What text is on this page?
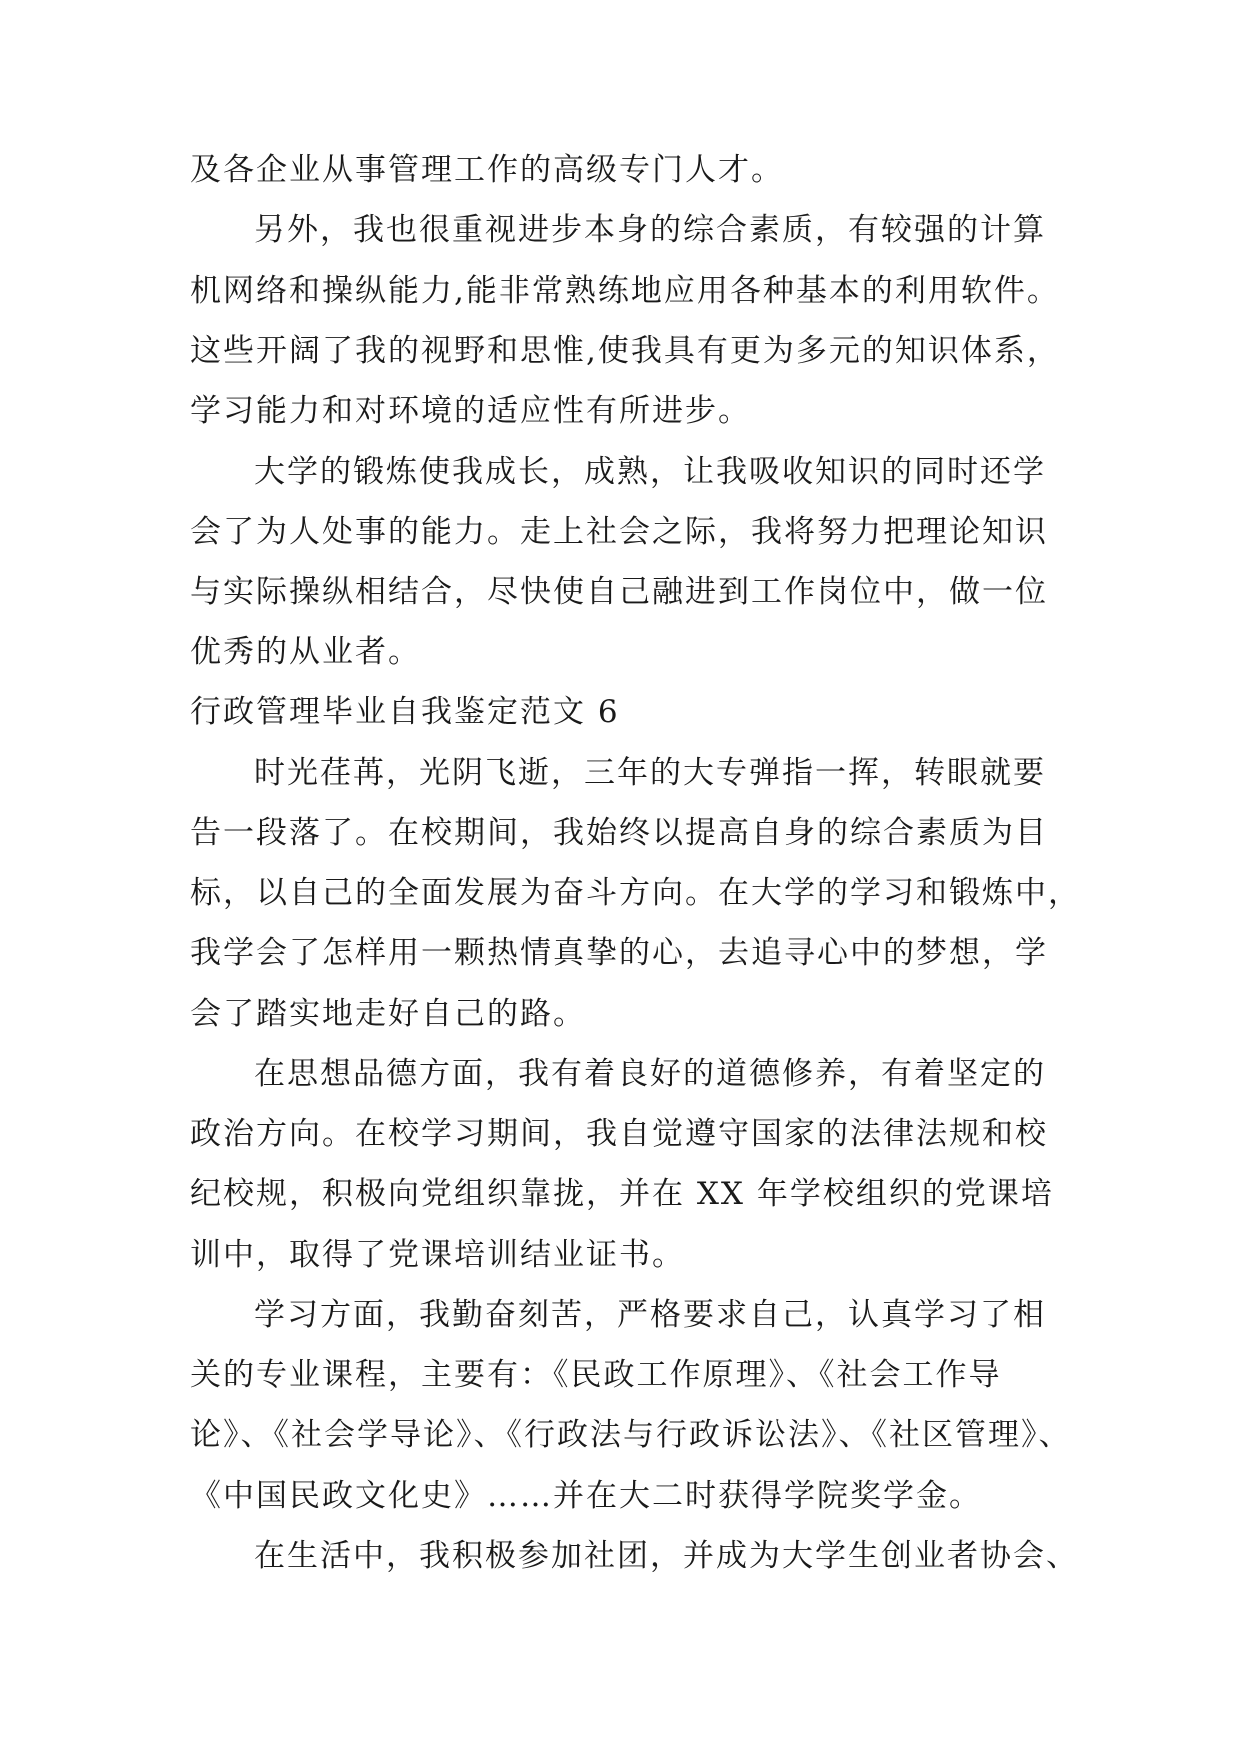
及各企业从事管理工作的高级专门人才。
另外，我也很重视进步本身的综合素质，有较强的计算
机网络和操纵能力,能非常熟练地应用各种基本的利用软件。
这些开阔了我的视野和思惟,使我具有更为多元的知识体系，
学习能力和对环境的适应性有所进步。
大学的锻炼使我成长，成熟，让我吸收知识的同时还学
会了为人处事的能力。走上社会之际，我将努力把理论知识
与实际操纵相结合，尽快使自己融进到工作岗位中，做一位
优秀的从业者。
行政管理毕业自我鉴定范文 6
时光荏苒，光阴飞逝，三年的大专弹指一挥，转眼就要
告一段落了。在校期间，我始终以提高自身的综合素质为目
标，以自己的全面发展为奋斗方向。在大学的学习和锻炼中，
我学会了怎样用一颗热情真挚的心，去追寻心中的梦想，学
会了踏实地走好自己的路。
在思想品德方面，我有着良好的道德修养，有着坚定的
政治方向。在校学习期间，我自觉遵守国家的法律法规和校
纪校规，积极向党组织靠拢，并在 XX 年学校组织的党课培
训中，取得了党课培训结业证书。
学习方面，我勤奋刻苦，严格要求自己，认真学习了相
关的专业课程，主要有：《民政工作原理》、《社会工作导
论》、《社会学导论》、《行政法与行政诉讼法》、《社区管理》、
《中国民政文化史》……并在大二时获得学院奖学金。
在生活中，我积极参加社团，并成为大学生创业者协会、
